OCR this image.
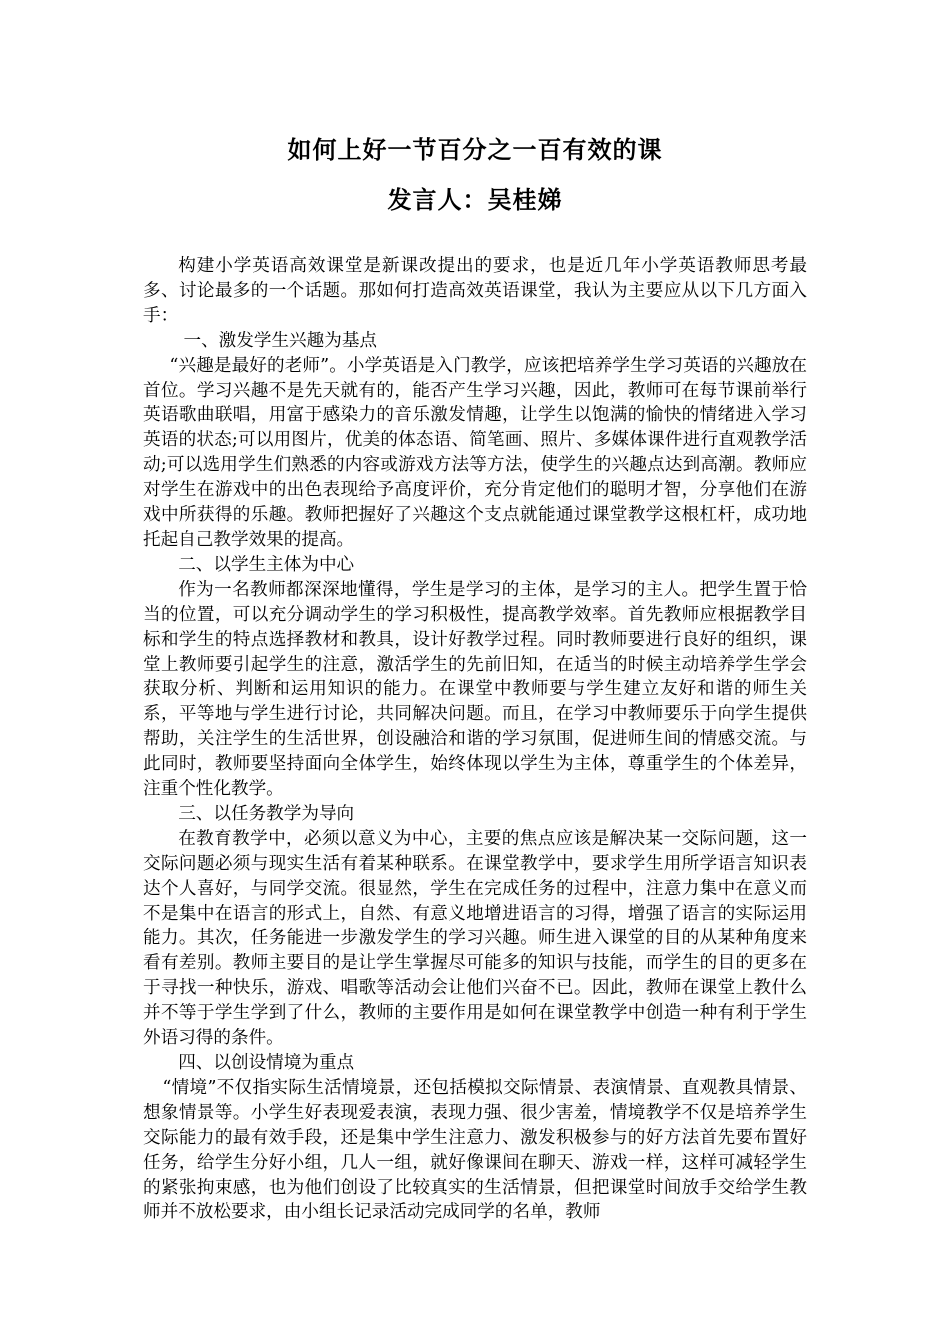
如何上好一节百分之一百有效的课
发言人：吴桂娣

构建小学英语高效课堂是新课改提出的要求，也是近几年小学英语教师思考最多、讨论最多的一个话题。那如何打造高效英语课堂，我认为主要应从以下几方面入手：

一、激发学生兴趣为基点

“兴趣是最好的老师”。小学英语是入门教学，应该把培养学生学习英语的兴趣放在首位。学习兴趣不是先天就有的，能否产生学习兴趣，因此，教师可在每节课前举行英语歌曲联唱，用富于感染力的音乐激发情趣，让学生以饱满的愉快的情绪进入学习英语的状态;可以用图片，优美的体态语、简笔画、照片、多媒体课件进行直观教学活动;可以选用学生们熟悉的内容或游戏方法等方法，使学生的兴趣点达到高潮。教师应对学生在游戏中的出色表现给予高度评价，充分肯定他们的聪明才智，分享他们在游戏中所获得的乐趣。教师把握好了兴趣这个支点就能通过课堂教学这根杠杆，成功地托起自己教学效果的提高。

二、以学生主体为中心

作为一名教师都深深地懂得，学生是学习的主体，是学习的主人。把学生置于恰当的位置，可以充分调动学生的学习积极性，提高教学效率。首先教师应根据教学目标和学生的特点选择教材和教具，设计好教学过程。同时教师要进行良好的组织，课堂上教师要引起学生的注意，激活学生的先前旧知，在适当的时候主动培养学生学会获取分析、判断和运用知识的能力。在课堂中教师要与学生建立友好和谐的师生关系，平等地与学生进行讨论，共同解决问题。而且，在学习中教师要乐于向学生提供帮助，关注学生的生活世界，创设融洽和谐的学习氛围，促进师生间的情感交流。与此同时，教师要坚持面向全体学生，始终体现以学生为主体，尊重学生的个体差异，注重个性化教学。

三、以任务教学为导向

在教育教学中，必须以意义为中心，主要的焦点应该是解决某一交际问题，这一交际问题必须与现实生活有着某种联系。在课堂教学中，要求学生用所学语言知识表达个人喜好，与同学交流。很显然，学生在完成任务的过程中，注意力集中在意义而不是集中在语言的形式上，自然、有意义地增进语言的习得，增强了语言的实际运用能力。其次，任务能进一步激发学生的学习兴趣。师生进入课堂的目的从某种角度来看有差别。教师主要目的是让学生掌握尽可能多的知识与技能，而学生的目的更多在于寻找一种快乐，游戏、唱歌等活动会让他们兴奋不已。因此，教师在课堂上教什么并不等于学生学到了什么，教师的主要作用是如何在课堂教学中创造一种有利于学生外语习得的条件。

四、以创设情境为重点

“情境”不仅指实际生活情境景，还包括模拟交际情景、表演情景、直观教具情景、想象情景等。小学生好表现爱表演，表现力强、很少害羞，情境教学不仅是培养学生交际能力的最有效手段，还是集中学生注意力、激发积极参与的好方法首先要布置好任务，给学生分好小组，几人一组，就好像课间在聊天、游戏一样，这样可减轻学生的紧张拘束感，也为他们创设了比较真实的生活情景，但把课堂时间放手交给学生教师并不放松要求，由小组长记录活动完成同学的名单，教师
